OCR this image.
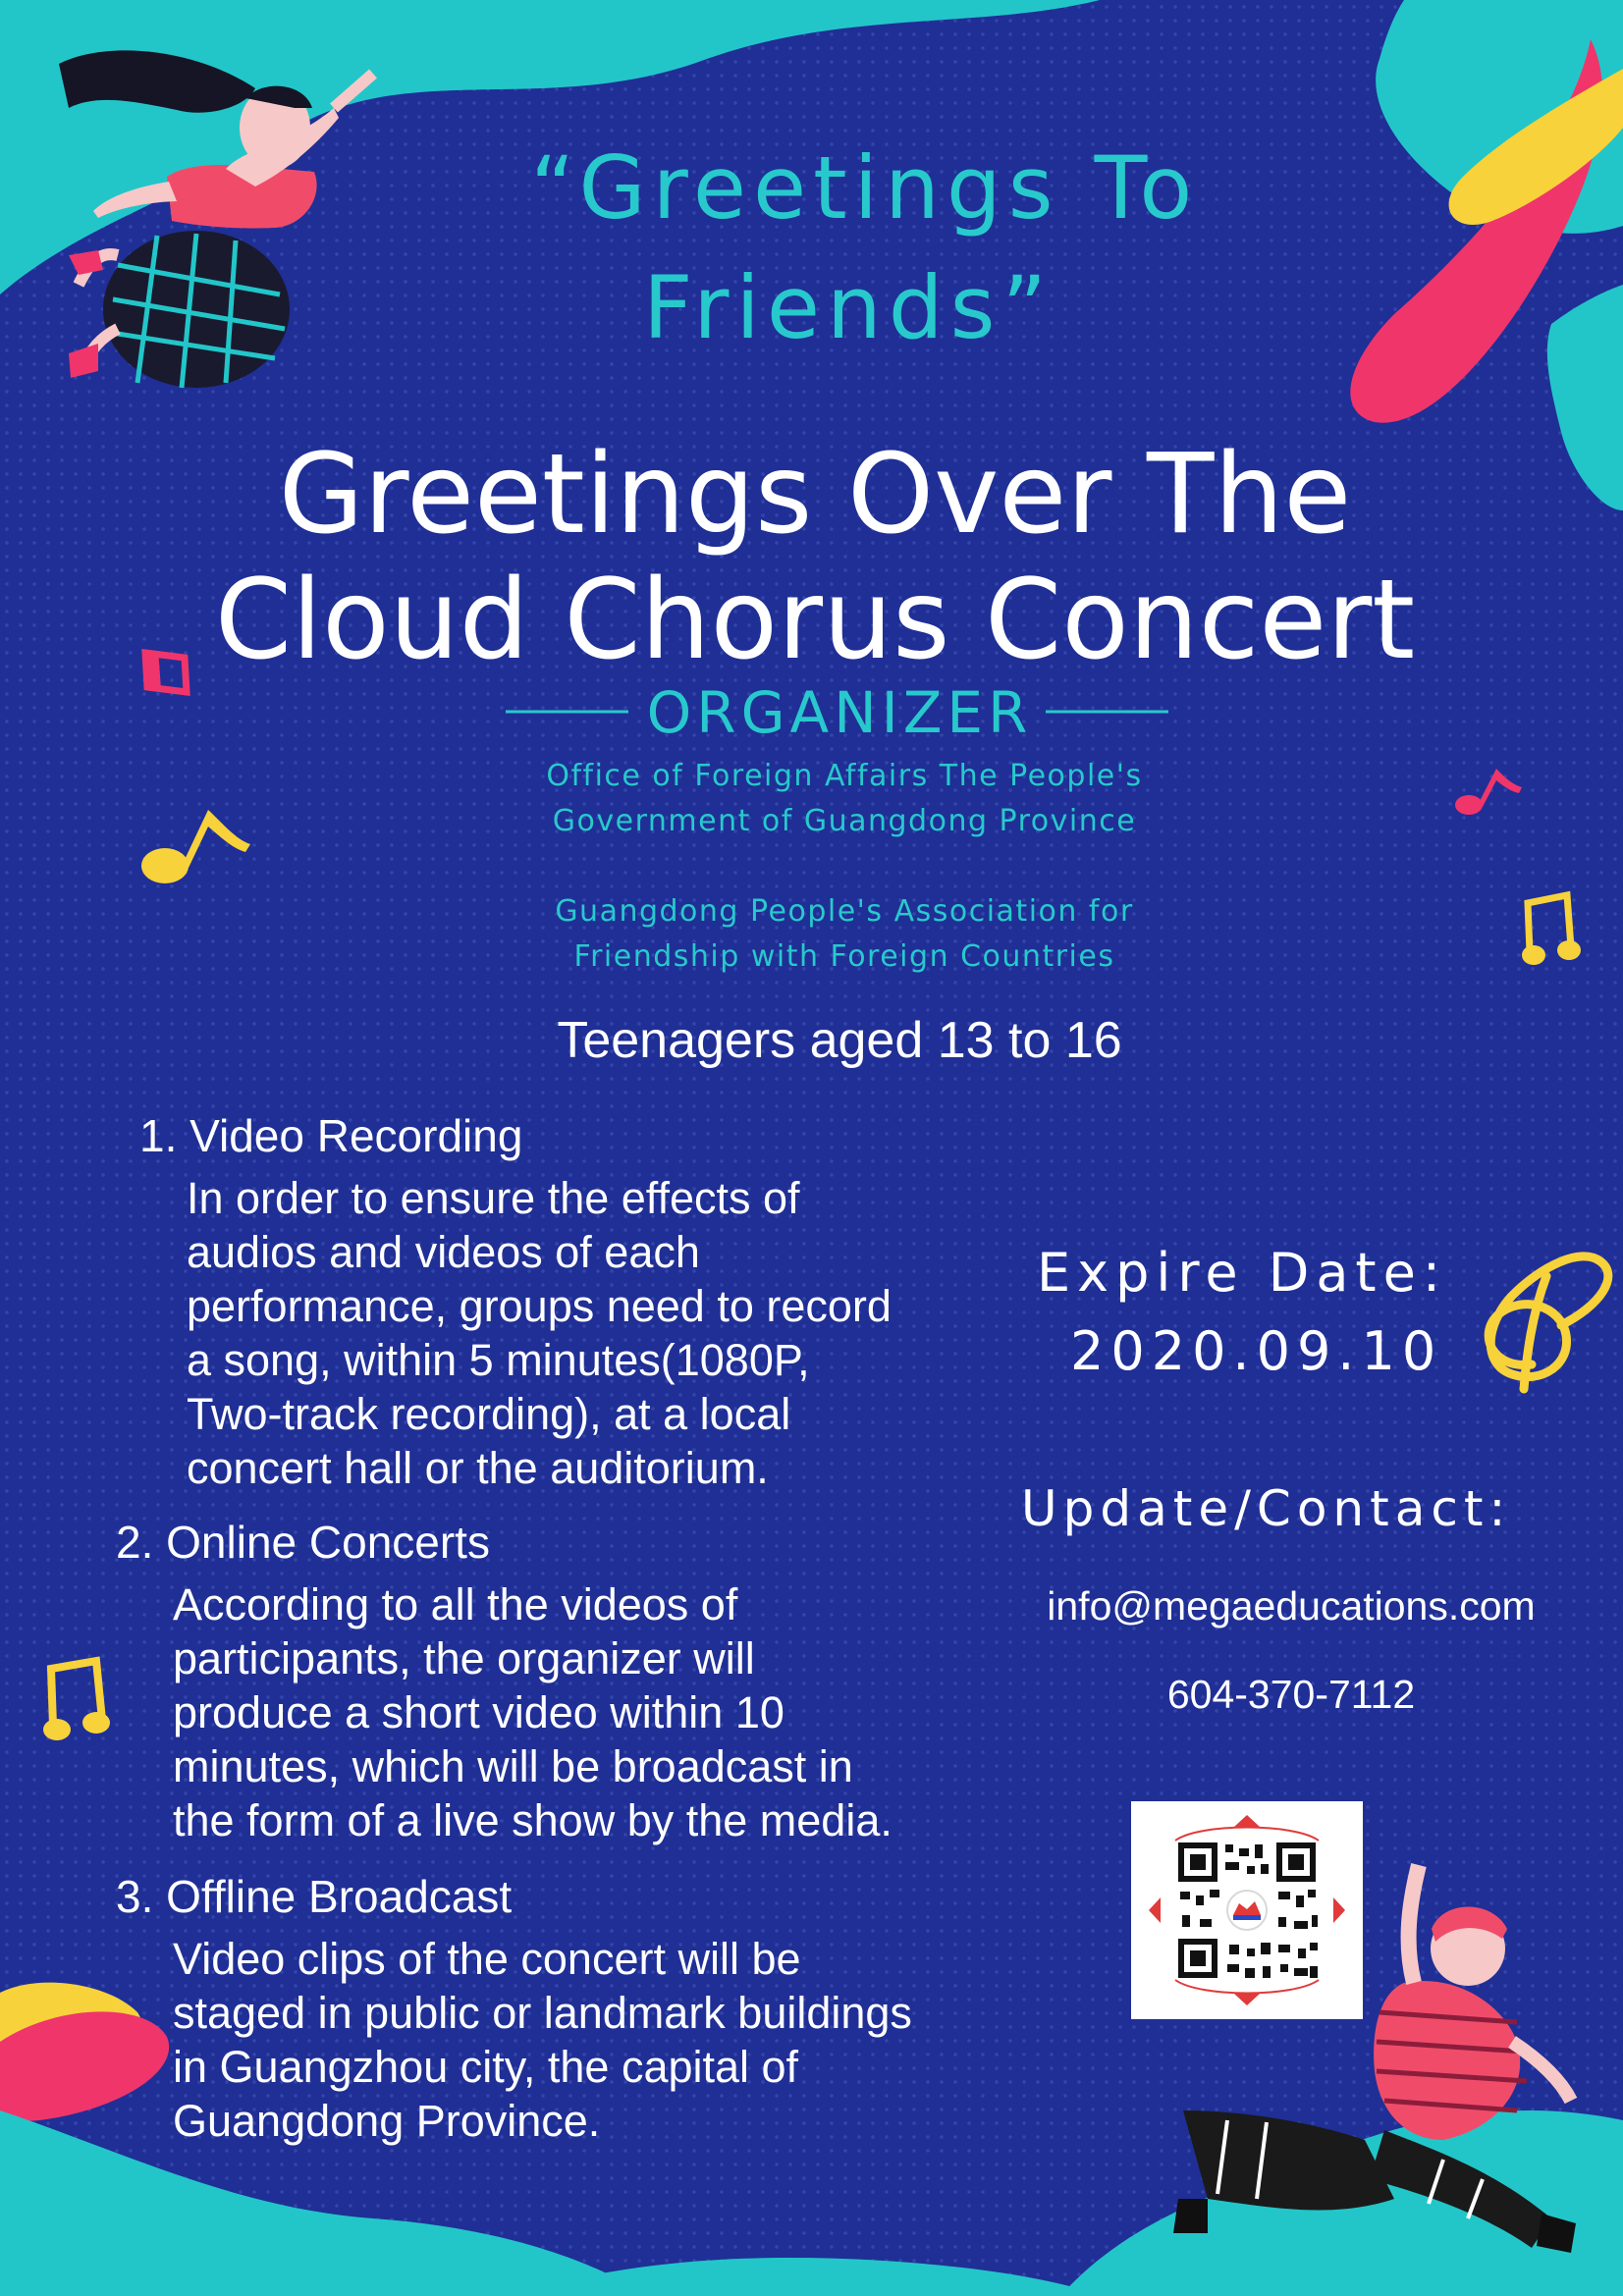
“Greetings To
Friends”
Greetings Over The
Cloud Chorus Concert
ORGANIZER
Office of Foreign Affairs The People's
Government of Guangdong Province
Guangdong People's Association for
Friendship with Foreign Countries
Teenagers aged 13 to 16
1. Video Recording
In order to ensure the effects of
audios and videos of each
performance, groups need to record
a song, within 5 minutes(1080P,
Two-track recording), at a local
concert hall or the auditorium.
2. Online Concerts
According to all the videos of
participants, the organizer will
produce a short video within 10
minutes, which will be broadcast in
the form of a live show by the media.
3. Offline Broadcast
Video clips of the concert will be
staged in public or landmark buildings
in Guangzhou city, the capital of
Guangdong Province.
Expire Date:
2020.09.10
Update/Contact:
info@megaeducations.com
604-370-7112
